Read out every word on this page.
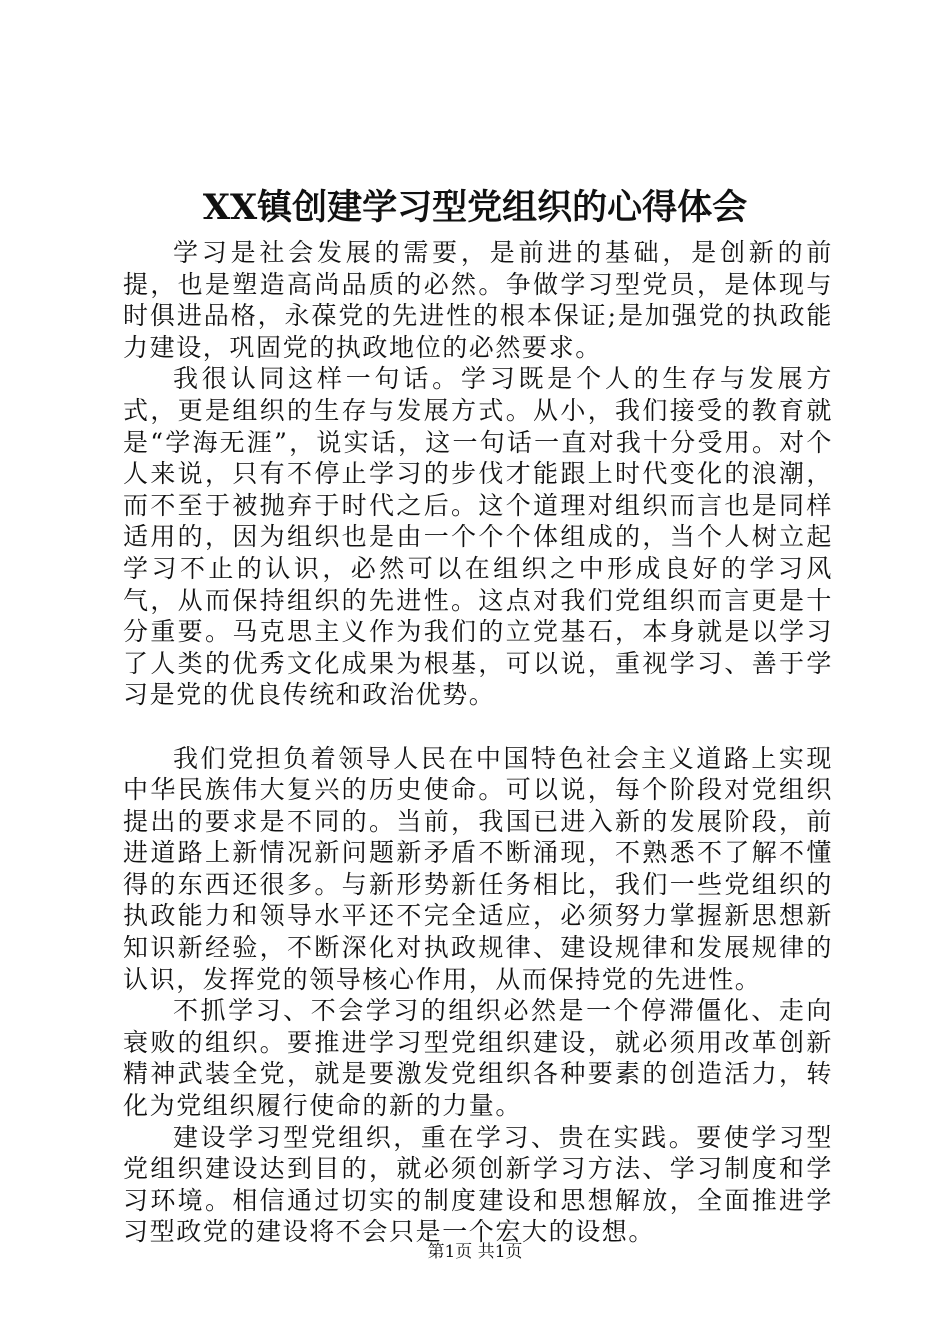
XX镇创建学习型党组织的心得体会

学习是社会发展的需要，是前进的基础，是创新的前提，也是塑造高尚品质的必然。争做学习型党员，是体现与时俱进品格，永葆党的先进性的根本保证;是加强党的执政能力建设，巩固党的执政地位的必然要求。

我很认同这样一句话。学习既是个人的生存与发展方式，更是组织的生存与发展方式。从小，我们接受的教育就是“学海无涯”，说实话，这一句话一直对我十分受用。对个人来说，只有不停止学习的步伐才能跟上时代变化的浪潮，而不至于被抛弃于时代之后。这个道理对组织而言也是同样适用的，因为组织也是由一个个个体组成的，当个人树立起学习不止的认识，必然可以在组织之中形成良好的学习风气，从而保持组织的先进性。这点对我们党组织而言更是十分重要。马克思主义作为我们的立党基石，本身就是以学习了人类的优秀文化成果为根基，可以说，重视学习、善于学习是党的优良传统和政治优势。

我们党担负着领导人民在中国特色社会主义道路上实现中华民族伟大复兴的历史使命。可以说，每个阶段对党组织提出的要求是不同的。当前，我国已进入新的发展阶段，前进道路上新情况新问题新矛盾不断涌现，不熟悉不了解不懂得的东西还很多。与新形势新任务相比，我们一些党组织的执政能力和领导水平还不完全适应，必须努力掌握新思想新知识新经验，不断深化对执政规律、建设规律和发展规律的认识，发挥党的领导核心作用，从而保持党的先进性。

不抓学习、不会学习的组织必然是一个停滞僵化、走向衰败的组织。要推进学习型党组织建设，就必须用改革创新精神武装全党，就是要激发党组织各种要素的创造活力，转化为党组织履行使命的新的力量。

建设学习型党组织，重在学习、贵在实践。要使学习型党组织建设达到目的，就必须创新学习方法、学习制度和学习环境。相信通过切实的制度建设和思想解放，全面推进学习型政党的建设将不会只是一个宏大的设想。

第1页 共1页
